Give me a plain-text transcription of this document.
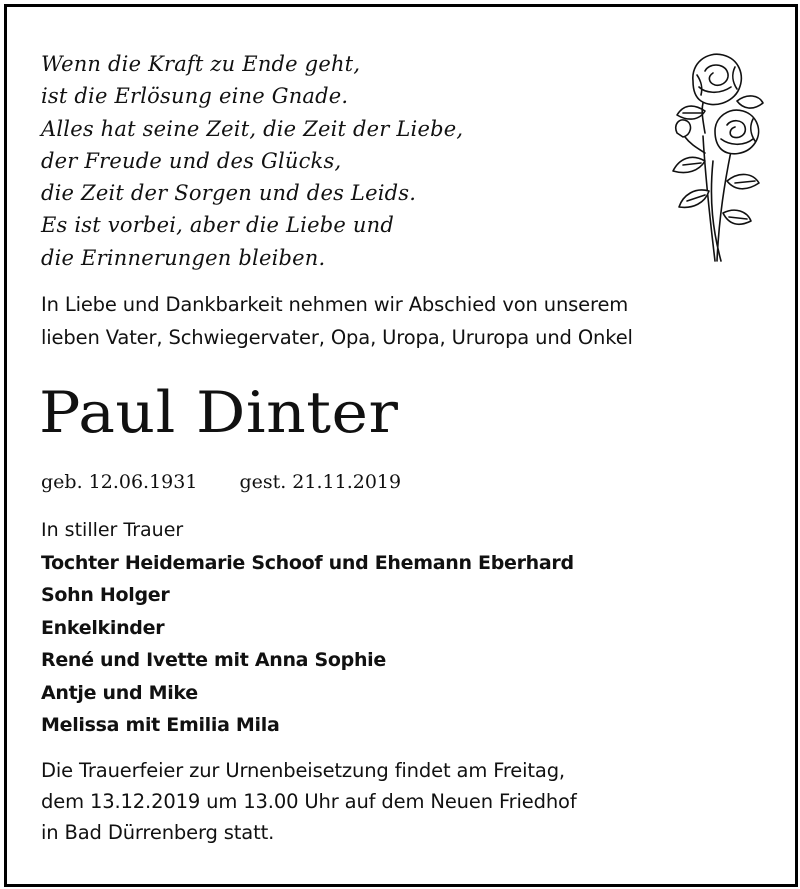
Wenn die Kraft zu Ende geht,
ist die Erlösung eine Gnade.
Alles hat seine Zeit, die Zeit der Liebe,
der Freude und des Glücks,
die Zeit der Sorgen und des Leids.
Es ist vorbei, aber die Liebe und
die Erinnerungen bleiben.
In Liebe und Dankbarkeit nehmen wir Abschied von unserem
lieben Vater, Schwiegervater, Opa, Uropa, Ururopa und Onkel
Paul Dinter
geb. 12.06.1931 gest. 21.11.2019
In stiller Trauer
Tochter Heidemarie Schoof und Ehemann Eberhard
Sohn Holger
Enkelkinder
René und Ivette mit Anna Sophie
Antje und Mike
Melissa mit Emilia Mila
Die Trauerfeier zur Urnenbeisetzung findet am Freitag,
dem 13.12.2019 um 13.00 Uhr auf dem Neuen Friedhof
in Bad Dürrenberg statt.
